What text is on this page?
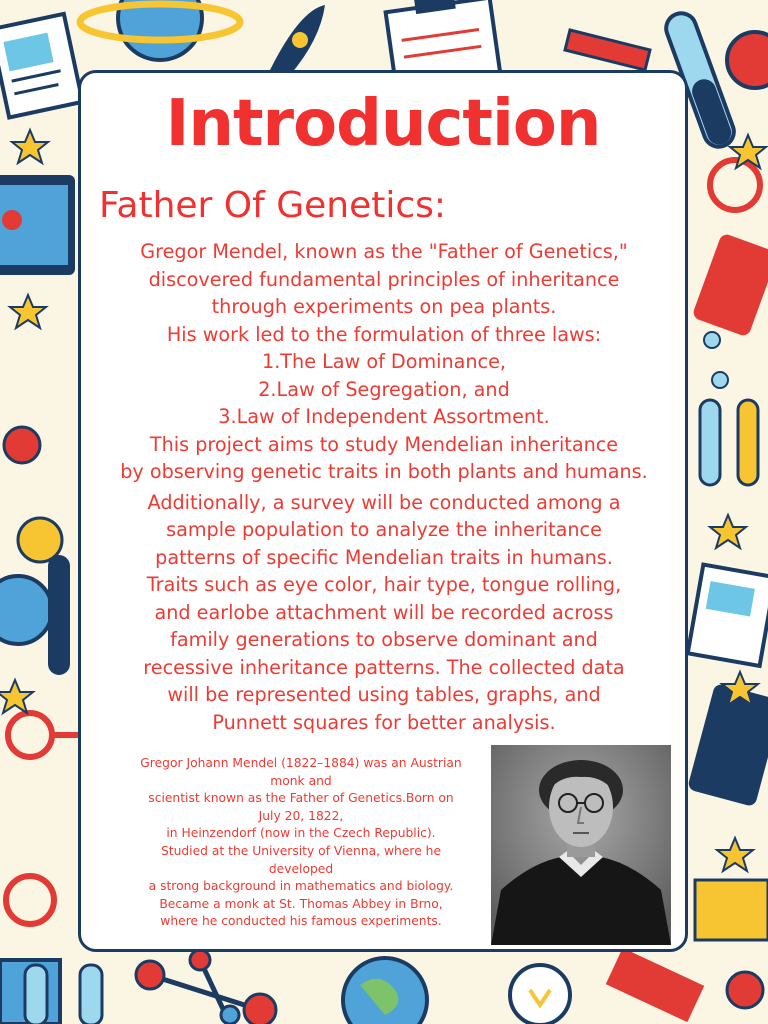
Introduction
Father Of Genetics:

Gregor Mendel, known as the "Father of Genetics,"

discovered fundamental principles of inheritance

through experiments on pea plants.

His work led to the formulation of three laws:

1.The Law of Dominance,

2.Law of Segregation, and

3.Law of Independent Assortment.

This project aims to study Mendelian inheritance

by observing genetic traits in both plants and humans.

Additionally, a survey will be conducted among a

sample population to analyze the inheritance

patterns of specific Mendelian traits in humans.

Traits such as eye color, hair type, tongue rolling,

and earlobe attachment will be recorded across

family generations to observe dominant and

recessive inheritance patterns. The collected data

will be represented using tables, graphs, and

Punnett squares for better analysis.

Gregor Johann Mendel (1822–1884) was an Austrian

monk and

scientist known as the Father of Genetics.Born on

July 20, 1822,

in Heinzendorf (now in the Czech Republic).

Studied at the University of Vienna, where he

developed

a strong background in mathematics and biology.

Became a monk at St. Thomas Abbey in Brno,

where he conducted his famous experiments.
